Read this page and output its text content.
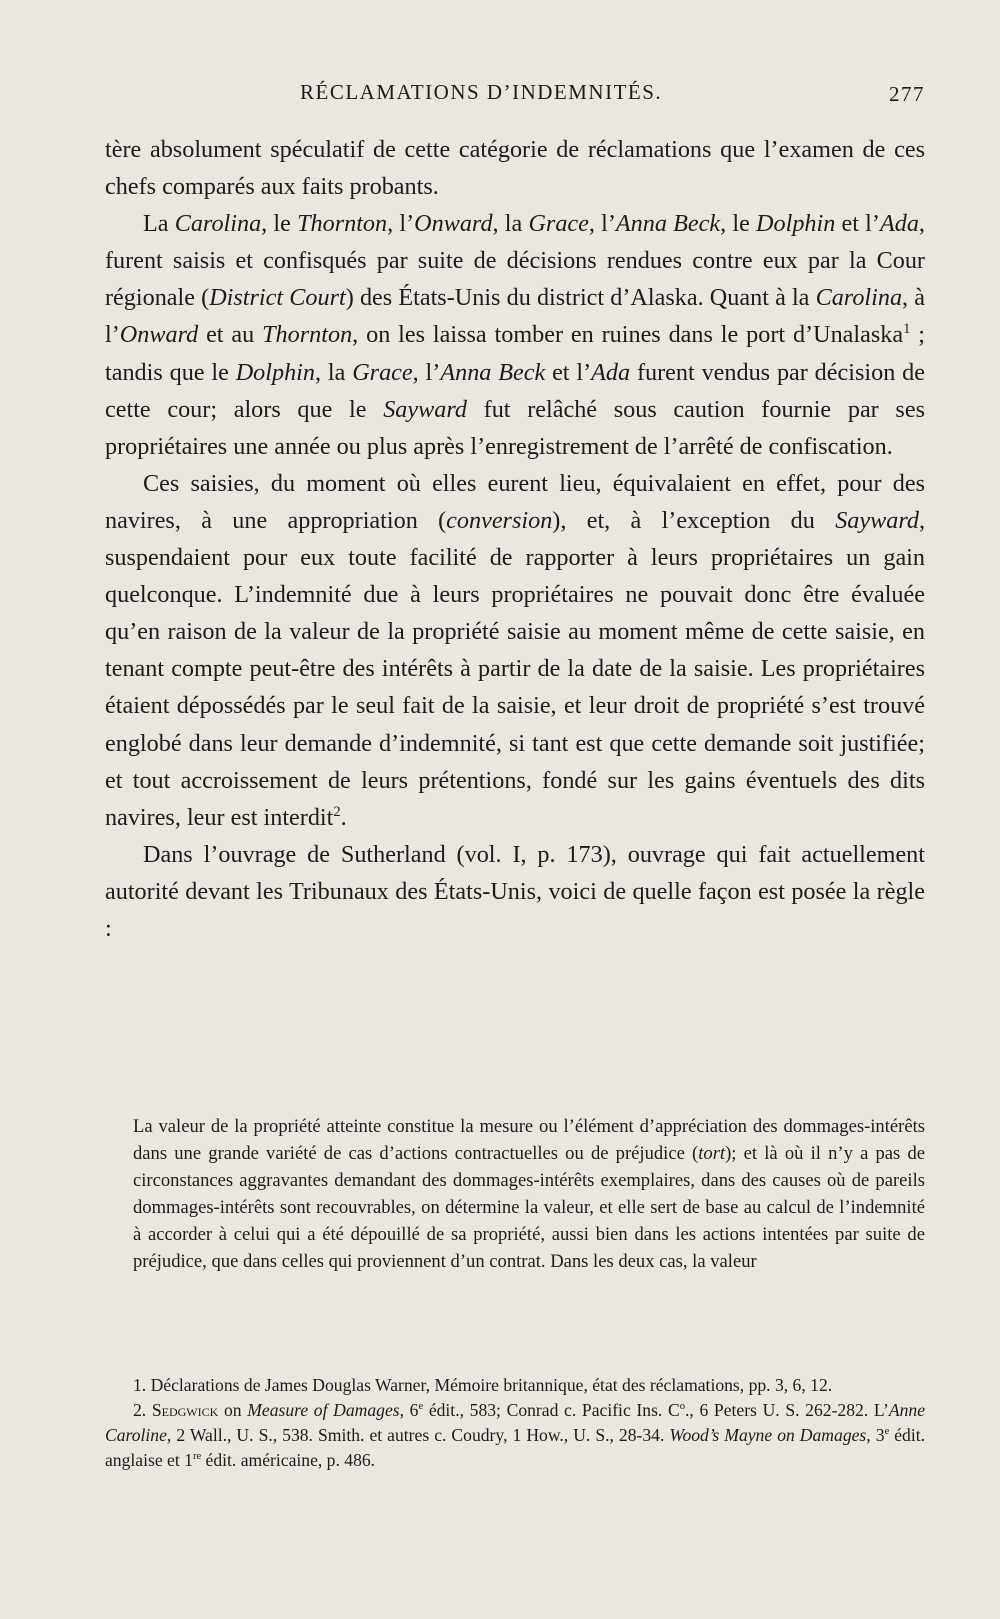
RÉCLAMATIONS D’INDEMNITÉS.	277

tère absolument spéculatif de cette catégorie de réclamations que l’examen de ces chefs comparés aux faits probants.

La Carolina, le Thornton, l’Onward, la Grace, l’Anna Beck, le Dolphin et l’Ada, furent saisis et confisqués par suite de décisions rendues contre eux par la Cour régionale (District Court) des États-Unis du district d’Alaska. Quant à la Carolina, à l’Onward et au Thornton, on les laissa tomber en ruines dans le port d’Unalaska$^1$ ; tandis que le Dolphin, la Grace, l’Anna Beck et l’Ada furent vendus par décision de cette cour; alors que le Sayward fut relâché sous caution fournie par ses propriétaires une année ou plus après l’enregistrement de l’arrêté de confiscation.

Ces saisies, du moment où elles eurent lieu, équivalaient en effet, pour des navires, à une appropriation (conversion), et, à l’exception du Sayward, suspendaient pour eux toute facilité de rapporter à leurs propriétaires un gain quelconque. L’indemnité due à leurs propriétaires ne pouvait donc être évaluée qu’en raison de la valeur de la propriété saisie au moment même de cette saisie, en tenant compte peut-être des intérêts à partir de la date de la saisie. Les propriétaires étaient dépossédés par le seul fait de la saisie, et leur droit de propriété s’est trouvé englobé dans leur demande d’indemnité, si tant est que cette demande soit justifiée; et tout accroissement de leurs prétentions, fondé sur les gains éventuels des dits navires, leur est interdit$^2$.

Dans l’ouvrage de Sutherland (vol. I, p. 173), ouvrage qui fait actuellement autorité devant les Tribunaux des États-Unis, voici de quelle façon est posée la règle :

La valeur de la propriété atteinte constitue la mesure ou l’élément d’appréciation des dommages-intérêts dans une grande variété de cas d’actions contractuelles ou de préjudice (tort); et là où il n’y a pas de circonstances aggravantes demandant des dommages-intérêts exemplaires, dans des causes où de pareils dommages-intérêts sont recouvrables, on détermine la valeur, et elle sert de base au calcul de l’indemnité à accorder à celui qui a été dépouillé de sa propriété, aussi bien dans les actions intentées par suite de préjudice, que dans celles qui proviennent d’un contrat. Dans les deux cas, la valeur

1. Déclarations de James Douglas Warner, Mémoire britannique, état des réclamations, pp. 3, 6, 12.

2. Sedgwick on Measure of Damages, 6e édit., 583; Conrad c. Pacific Ins. $C^o$., 6 Peters U. S. 262-282. L’Anne Caroline, 2 Wall., U. S., 538. Smith. et autres c. Coudry, 1 How., U. S., 28-34. Wood’s Mayne on Damages, 3e édit. anglaise et 1re édit. américaine, p. 486.
